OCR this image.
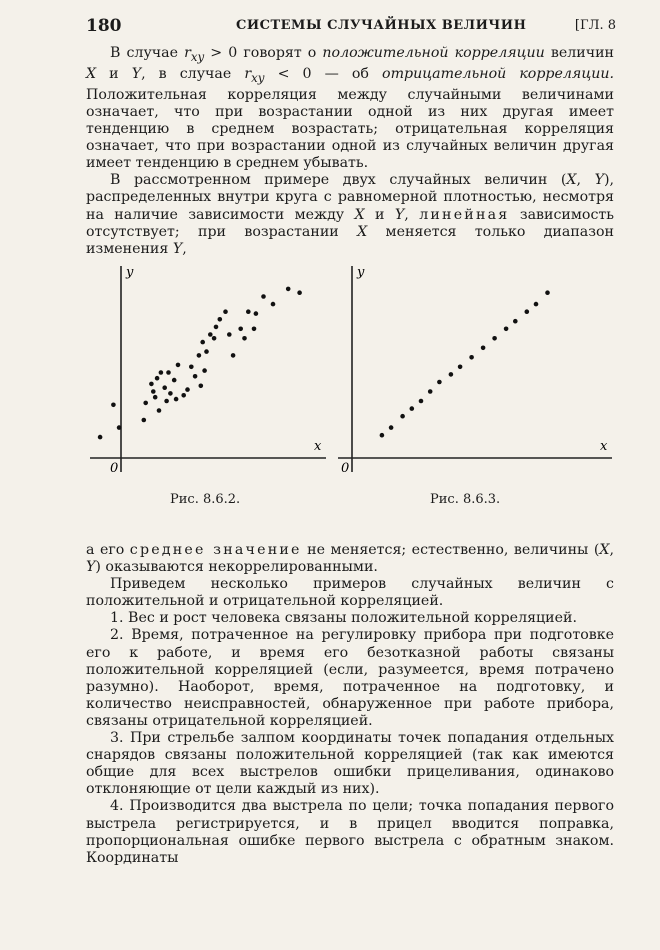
180	СИСТЕМЫ СЛУЧАЙНЫХ ВЕЛИЧИН	[ГЛ. 8

В случае $r_{xy} > 0$ говорят о положительной корреляции величин X и Y, в случае $r_{xy} < 0$ — об отрицательной корреляции. Положительная корреляция между случайными величинами означает, что при возрастании одной из них другая имеет тенденцию в среднем возрастать; отрицательная корреляция означает, что при возрастании одной из случайных величин другая имеет тенденцию в среднем убывать.

В рассмотренном примере двух случайных величин (X, Y), распределенных внутри круга с равномерной плотностью, несмотря на наличие зависимости между X и Y, линейная зависимость отсутствует; при возрастании X меняется только диапазон изменения Y,

y
x
0
y
x
0
Рис. 8.6.2.	Рис. 8.6.3.

а его среднее значение не меняется; естественно, величины (X, Y) оказываются некоррелированными.

Приведем несколько примеров случайных величин с положительной и отрицательной корреляцией.

1. Вес и рост человека связаны положительной корреляцией.

2. Время, потраченное на регулировку прибора при подготовке его к работе, и время его безотказной работы связаны положительной корреляцией (если, разумеется, время потрачено разумно). Наоборот, время, потраченное на подготовку, и количество неисправностей, обнаруженное при работе прибора, связаны отрицательной корреляцией.

3. При стрельбе залпом координаты точек попадания отдельных снарядов связаны положительной корреляцией (так как имеются общие для всех выстрелов ошибки прицеливания, одинаково отклоняющие от цели каждый из них).

4. Производится два выстрела по цели; точка попадания первого выстрела регистрируется, и в прицел вводится поправка, пропорциональная ошибке первого выстрела с обратным знаком. Координаты
